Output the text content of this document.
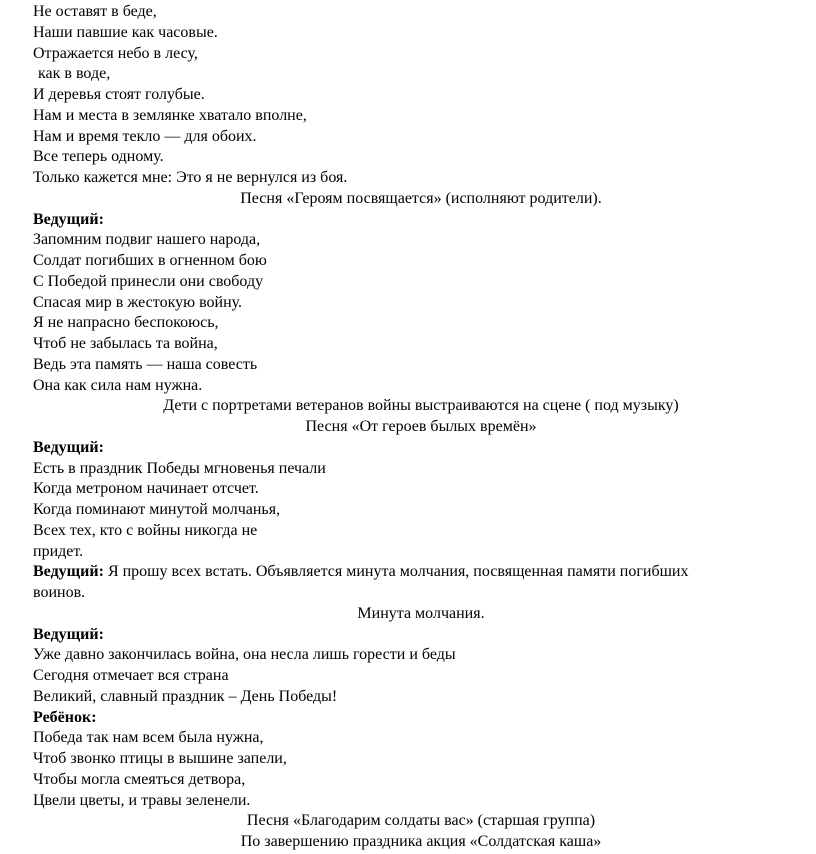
Не оставят в беде,
Наши павшие как часовые.
Отражается небо в лесу,
как в воде,
И деревья стоят голубые.
Нам и места в землянке хватало вполне,
Нам и время текло — для обоих.
Все теперь одному.
Только кажется мне: Это я не вернулся из боя.
Песня «Героям посвящается» (исполняют родители).
Ведущий:
Запомним подвиг нашего народа,
Солдат погибших в огненном бою
С Победой принесли они свободу
Спасая мир в жестокую войну.
Я не напрасно беспокоюсь,
Чтоб не забылась та война,
Ведь эта память — наша совесть
Она как сила нам нужна.
Дети с портретами ветеранов войны выстраиваются на сцене ( под музыку)
Песня «От героев былых времён»
Ведущий:
Есть в праздник Победы мгновенья печали
Когда метроном начинает отсчет.
Когда поминают минутой молчанья,
Всех тех, кто с войны никогда не
придет.
Ведущий: Я прошу всех встать. Объявляется минута молчания, посвященная памяти погибших
воинов.
Минута молчания.
Ведущий:
Уже давно закончилась война, она несла лишь горести и беды
Сегодня отмечает вся страна
Великий, славный праздник – День Победы!
Ребёнок:
Победа так нам всем была нужна,
Чтоб звонко птицы в вышине запели,
Чтобы могла смеяться детвора,
Цвели цветы, и травы зеленели.
Песня «Благодарим солдаты вас» (старшая группа)
По завершению праздника акция «Солдатская каша»
